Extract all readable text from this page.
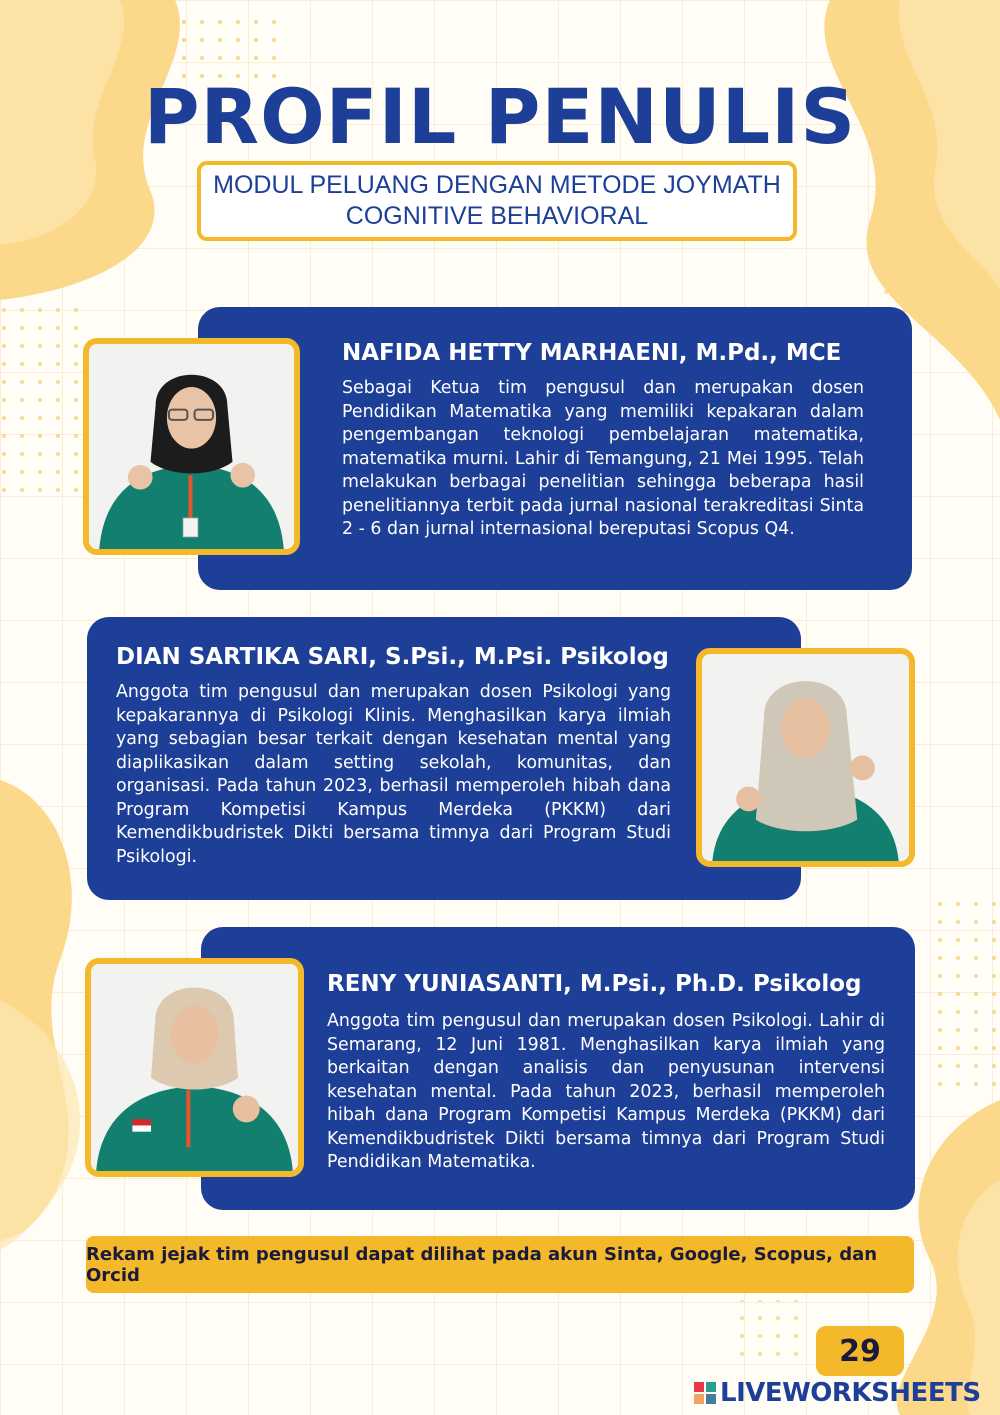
PROFIL PENULIS
MODUL PELUANG DENGAN METODE JOYMATH
COGNITIVE BEHAVIORAL
NAFIDA HETTY MARHAENI, M.Pd., MCE
Sebagai Ketua tim pengusul dan merupakan dosen Pendidikan Matematika yang memiliki kepakaran dalam pengembangan teknologi pembelajaran matematika, matematika murni. Lahir di Temangung, 21 Mei 1995. Telah melakukan berbagai penelitian sehingga beberapa hasil penelitiannya terbit pada jurnal nasional terakreditasi Sinta 2 - 6 dan jurnal internasional bereputasi Scopus Q4.
DIAN SARTIKA SARI, S.Psi., M.Psi. Psikolog
Anggota tim pengusul dan merupakan dosen Psikologi yang kepakarannya di Psikologi Klinis. Menghasilkan karya ilmiah yang sebagian besar terkait dengan kesehatan mental yang diaplikasikan dalam setting sekolah, komunitas, dan organisasi. Pada tahun 2023, berhasil memperoleh hibah dana Program Kompetisi Kampus Merdeka (PKKM) dari Kemendikbudristek Dikti bersama timnya dari Program Studi Psikologi.
RENY YUNIASANTI, M.Psi., Ph.D. Psikolog
Anggota tim pengusul dan merupakan dosen Psikologi. Lahir di Semarang, 12 Juni 1981. Menghasilkan karya ilmiah yang berkaitan dengan analisis dan penyusunan intervensi kesehatan mental. Pada tahun 2023, berhasil memperoleh hibah dana Program Kompetisi Kampus Merdeka (PKKM) dari Kemendikbudristek Dikti bersama timnya dari Program Studi Pendidikan Matematika.
Rekam jejak tim pengusul dapat dilihat pada akun Sinta, Google, Scopus, dan Orcid
29
LIVEWORKSHEETS
